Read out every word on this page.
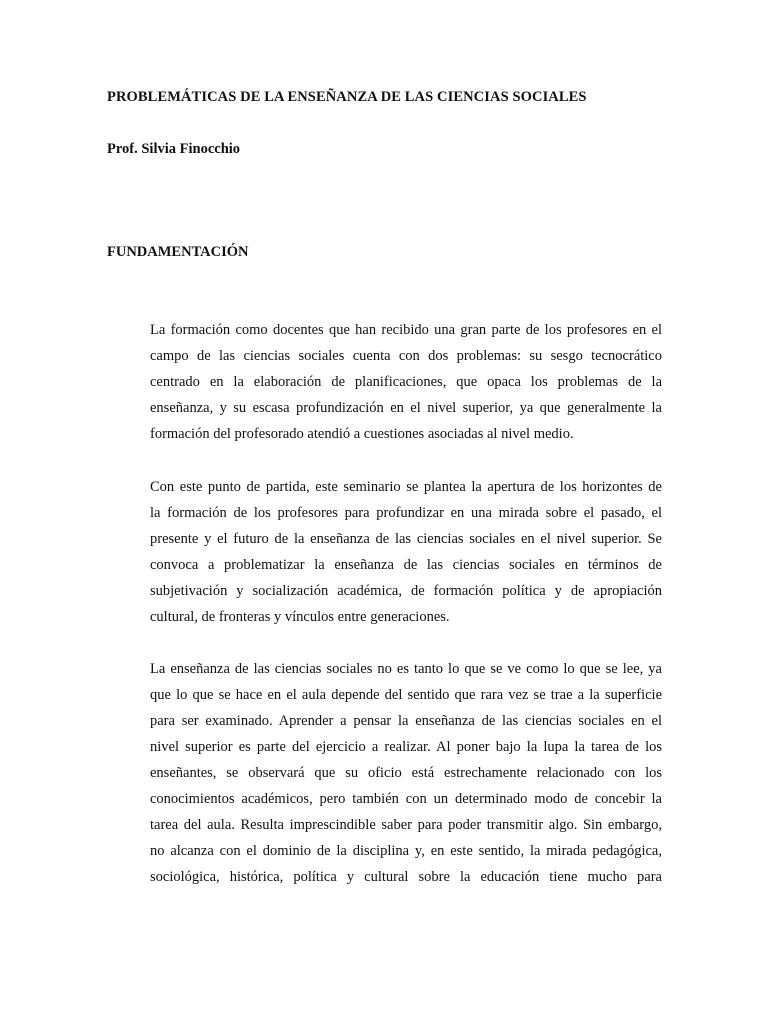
PROBLEMÁTICAS DE LA ENSEÑANZA DE LAS CIENCIAS SOCIALES
Prof. Silvia Finocchio
FUNDAMENTACIÓN
La formación como docentes que han recibido una gran parte de los profesores en el
campo de las ciencias sociales cuenta con dos problemas: su sesgo tecnocrático
centrado en la elaboración de planificaciones, que opaca los problemas de la
enseñanza, y su escasa profundización en el nivel superior, ya que generalmente la
formación del profesorado atendió a cuestiones asociadas al nivel medio.
Con este punto de partida, este seminario se plantea la apertura de los horizontes de
la formación de los profesores para profundizar en una mirada sobre el pasado, el
presente y el futuro de la enseñanza de las ciencias sociales en el nivel superior. Se
convoca a problematizar la enseñanza de las ciencias sociales en términos de
subjetivación y socialización académica, de formación política y de apropiación
cultural, de fronteras y vínculos entre generaciones.
La enseñanza de las ciencias sociales no es tanto lo que se ve como lo que se lee, ya
que lo que se hace en el aula depende del sentido que rara vez se trae a la superficie
para ser examinado. Aprender a pensar la enseñanza de las ciencias sociales en el
nivel superior es parte del ejercicio a realizar. Al poner bajo la lupa la tarea de los
enseñantes, se observará que su oficio está estrechamente relacionado con los
conocimientos académicos, pero también con un determinado modo de concebir la
tarea del aula. Resulta imprescindible saber para poder transmitir algo. Sin embargo,
no alcanza con el dominio de la disciplina y, en este sentido, la mirada pedagógica,
sociológica, histórica, política y cultural sobre la educación tiene mucho para
